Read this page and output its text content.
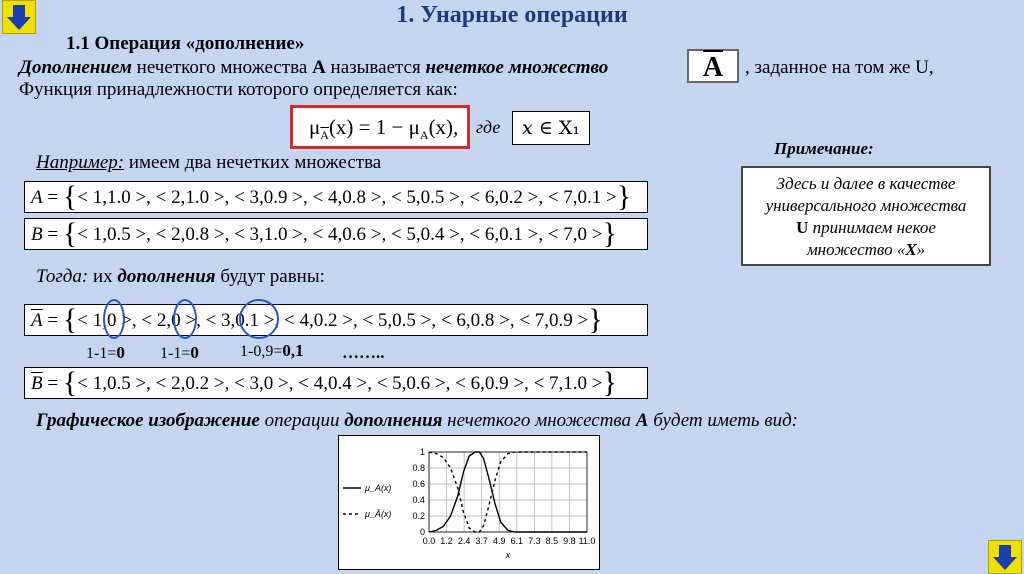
1. Унарные операции
1.1 Операция «дополнение»
Дополнением нечеткого множества А называется нечеткое множество	, заданное на том же U,
Функция принадлежности которого определяется как:
A
$\mu_{\overline{A}}(x) = 1 - \mu_A(x)$, где	𝑥 ∈ X₁
Например: имеем два нечетких множества
Примечание:
Здесь и далее в качестве
универсального множества
U принимаем некое
множество «X»
A = {< 1,1.0 >, < 2,1.0 >, < 3,0.9 >, < 4,0.8 >, < 5,0.5 >, < 6,0.2 >, < 7,0.1 >}
B = {< 1,0.5 >, < 2,0.8 >, < 3,1.0 >, < 4,0.6 >, < 5,0.4 >, < 6,0.1 >, < 7,0 >}
Тогда: их дополнения будут равны:
$\overline{A}$ = {< 1,0 >, < 2,0 >, < 3,0.1 >, < 4,0.2 >, < 5,0.5 >, < 6,0.8 >, < 7,0.9 >}
1-1=0 1-1=0	1-0,9=0,1 ……..
$\overline{B}$ = {< 1,0.5 >, < 2,0.2 >, < 3,0 >, < 4,0.4 >, < 5,0.6 >, < 6,0.9 >, < 7,1.0 >}
Графическое изображение операции дополнения нечеткого множества А будет иметь вид:
0.0 1.2 2.4 3.7 4.9 6.1 7.3 8.5 9.8 11.0
0
0.2
0.4
0.6
0.8
1
x
μ_A(x)
μ_Ā(x)
